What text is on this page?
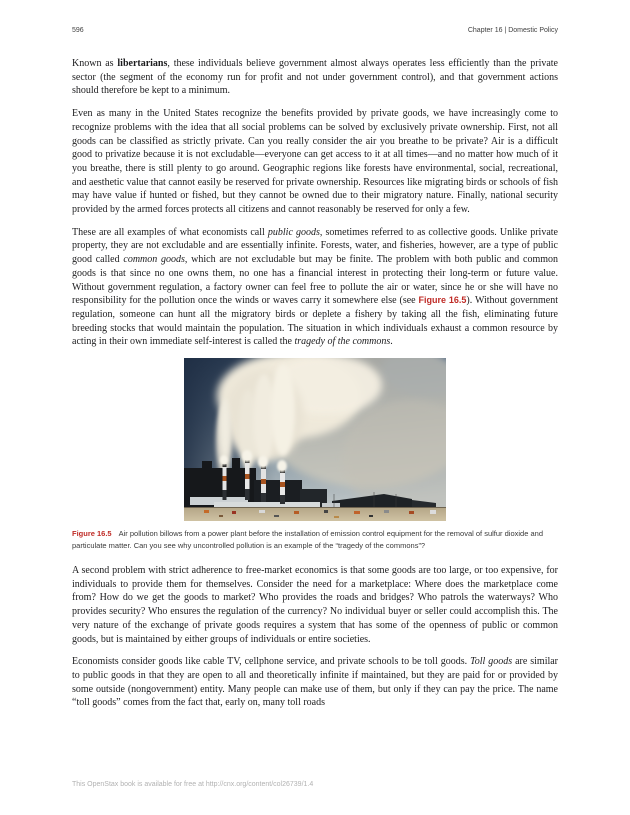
596	Chapter 16 | Domestic Policy

Known as libertarians, these individuals believe government almost always operates less efficiently than the private sector (the segment of the economy run for profit and not under government control), and that government actions should therefore be kept to a minimum.

Even as many in the United States recognize the benefits provided by private goods, we have increasingly come to recognize problems with the idea that all social problems can be solved by exclusively private ownership. First, not all goods can be classified as strictly private. Can you really consider the air you breathe to be private? Air is a difficult good to privatize because it is not excludable—everyone can get access to it at all times—and no matter how much of it you breathe, there is still plenty to go around. Geographic regions like forests have environmental, social, recreational, and aesthetic value that cannot easily be reserved for private ownership. Resources like migrating birds or schools of fish may have value if hunted or fished, but they cannot be owned due to their migratory nature. Finally, national security provided by the armed forces protects all citizens and cannot reasonably be reserved for only a few.

These are all examples of what economists call public goods, sometimes referred to as collective goods. Unlike private property, they are not excludable and are essentially infinite. Forests, water, and fisheries, however, are a type of public good called common goods, which are not excludable but may be finite. The problem with both public and common goods is that since no one owns them, no one has a financial interest in protecting their long-term or future value. Without government regulation, a factory owner can feel free to pollute the air or water, since he or she will have no responsibility for the pollution once the winds or waves carry it somewhere else (see Figure 16.5). Without government regulation, someone can hunt all the migratory birds or deplete a fishery by taking all the fish, eliminating future breeding stocks that would maintain the population. The situation in which individuals exhaust a common resource by acting in their own immediate self-interest is called the tragedy of the commons.

Figure 16.5 Air pollution billows from a power plant before the installation of emission control equipment for the removal of sulfur dioxide and particulate matter. Can you see why uncontrolled pollution is an example of the “tragedy of the commons”?

A second problem with strict adherence to free-market economics is that some goods are too large, or too expensive, for individuals to provide them for themselves. Consider the need for a marketplace: Where does the marketplace come from? How do we get the goods to market? Who provides the roads and bridges? Who patrols the waterways? Who provides security? Who ensures the regulation of the currency? No individual buyer or seller could accomplish this. The very nature of the exchange of private goods requires a system that has some of the openness of public or common goods, but is maintained by either groups of individuals or entire societies.

Economists consider goods like cable TV, cellphone service, and private schools to be toll goods. Toll goods are similar to public goods in that they are open to all and theoretically infinite if maintained, but they are paid for or provided by some outside (nongovernment) entity. Many people can make use of them, but only if they can pay the price. The name “toll goods” comes from the fact that, early on, many toll roads

This OpenStax book is available for free at http://cnx.org/content/col26739/1.4
